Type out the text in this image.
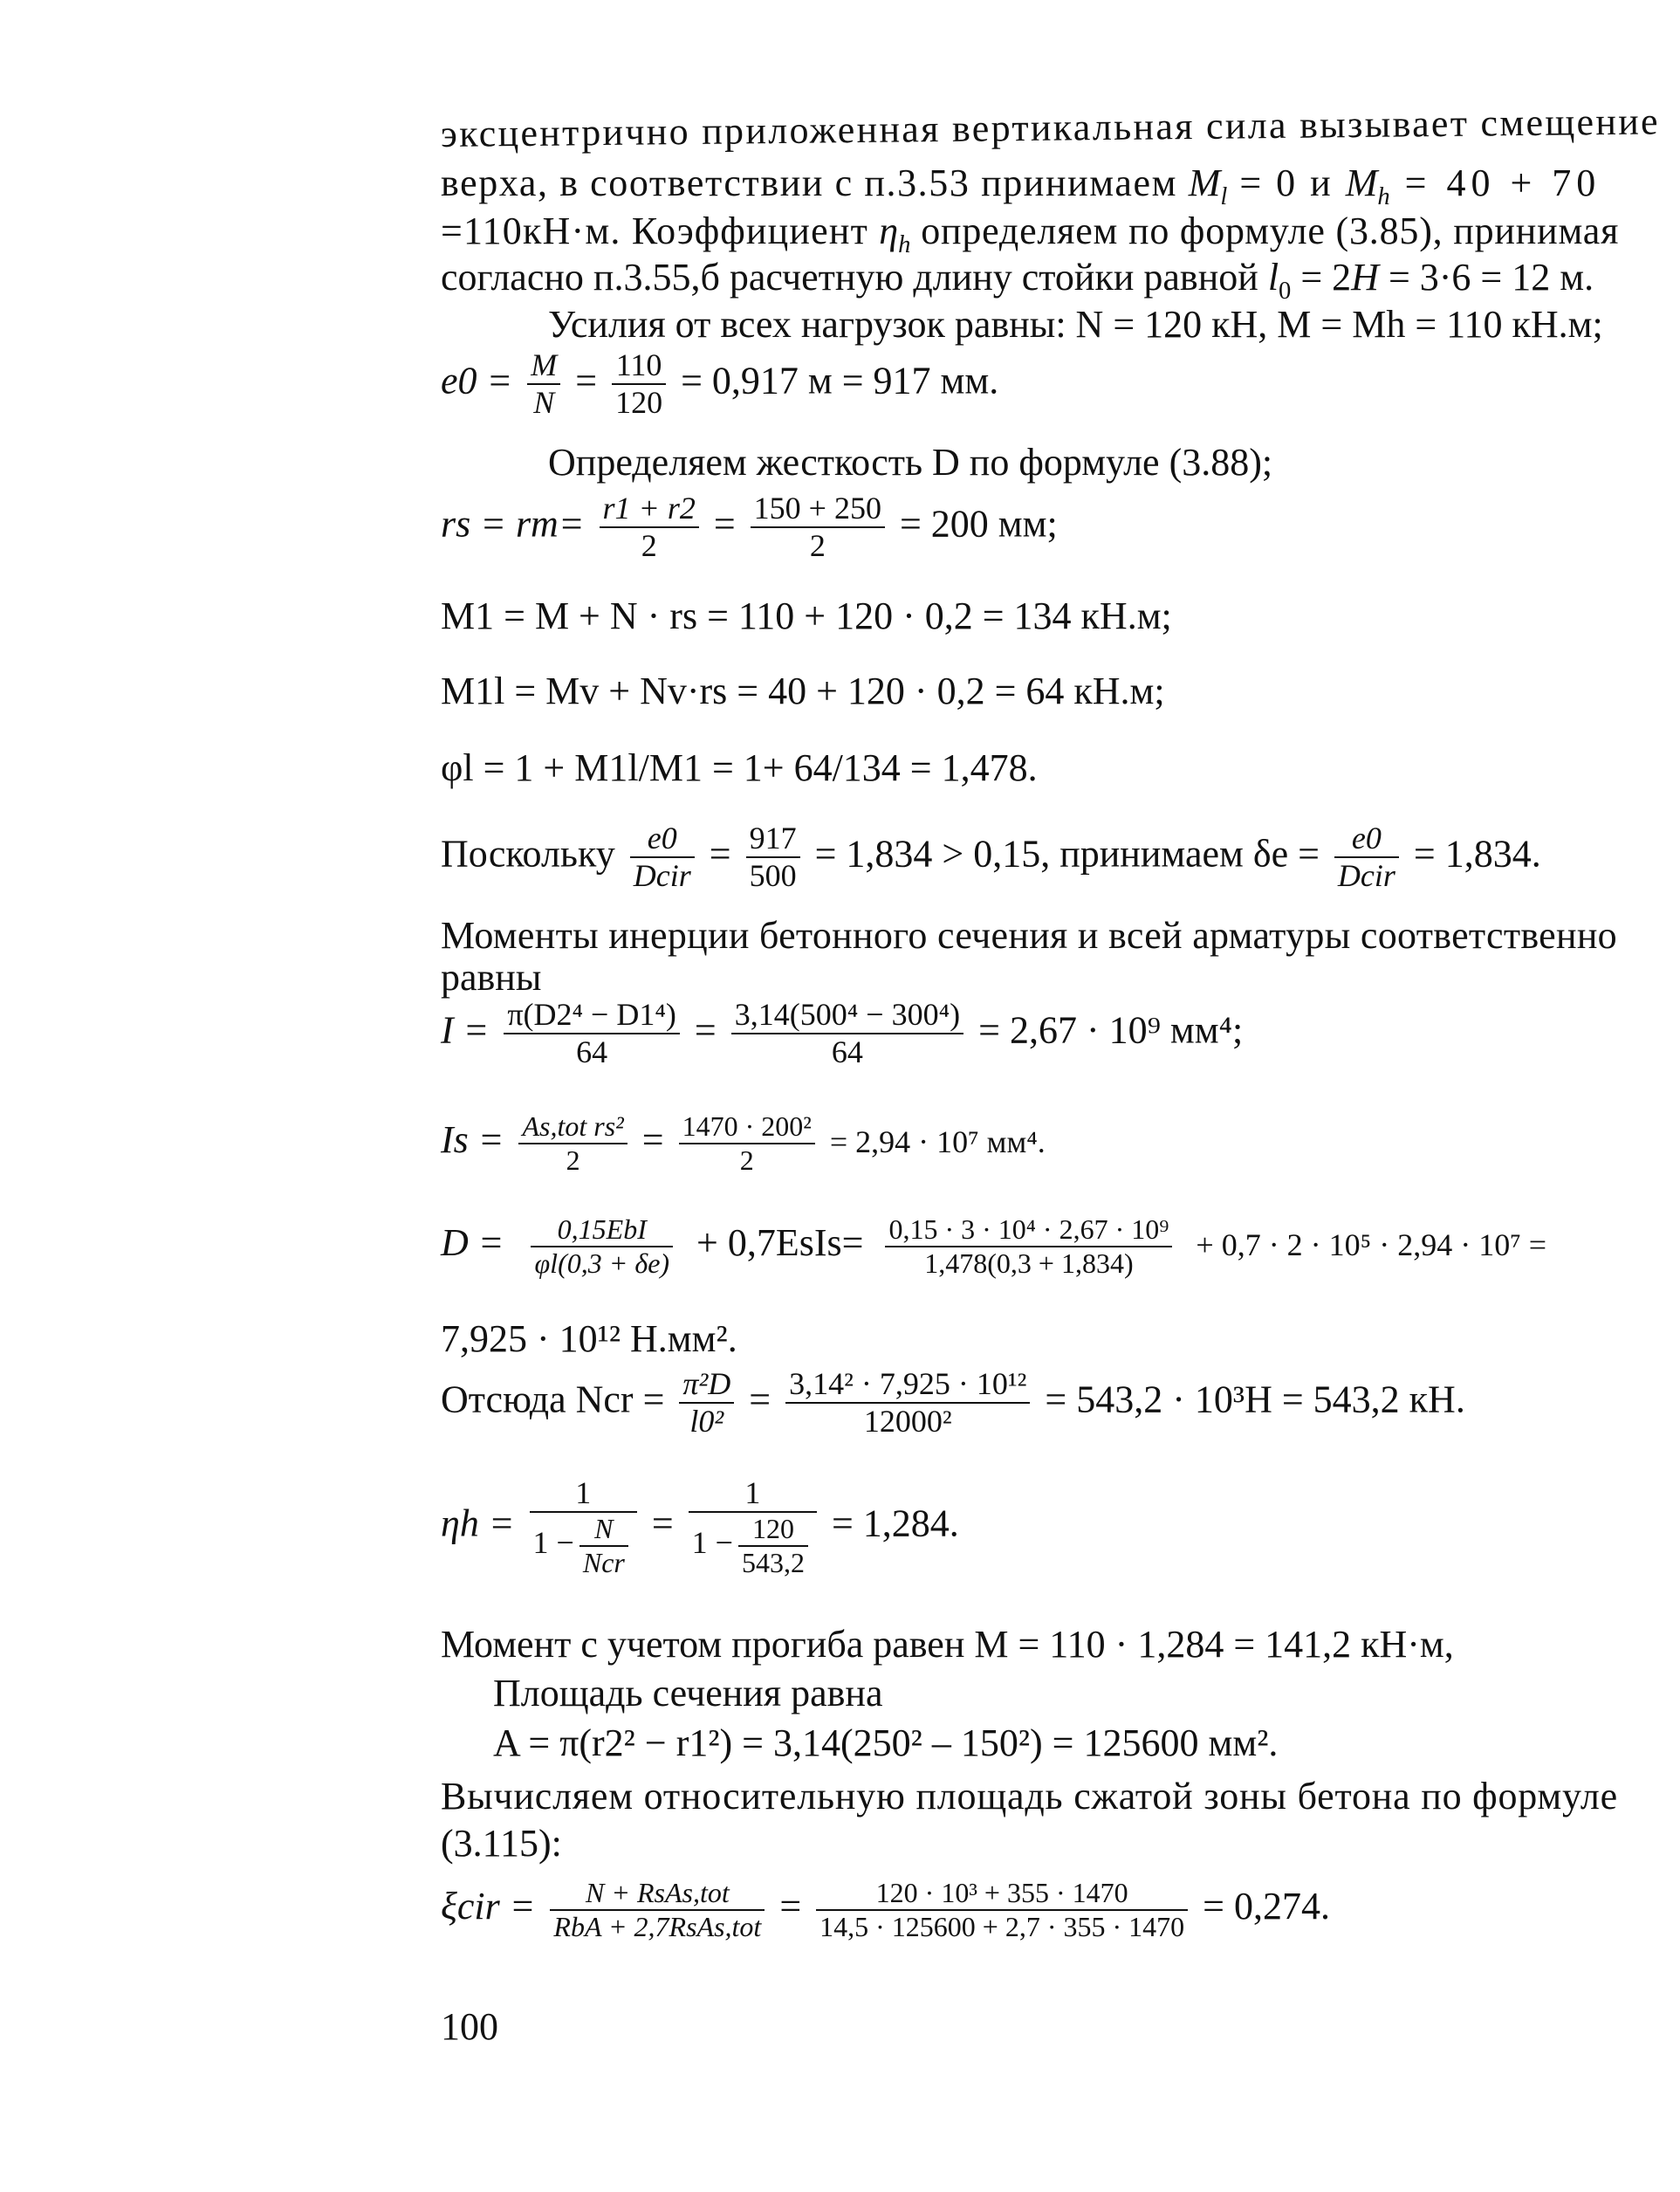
эксцентрично приложенная вертикальная сила вызывает смещение
верха, в соответствии с п.3.53 принимаем $M_l = 0$ и $M_h = 40 + 70$
=110кН·м. Коэффициент $\eta_h$ определяем по формуле (3.85), принимая
согласно п.3.55,б расчетную длину стойки равной $l_0 = 2H = 3\cdot 6 = 12$ м.
Усилия от всех нагрузок равны: N = 120 кН, M = Mh = 110 кН.м;
$e0 = \frac{M}{N} = \frac{110}{120} = 0,917$ м = 917 мм.
Определяем жесткость D по формуле (3.88);
rs = $rm= \frac{r1 + r2}{2} = \frac{150 + 250}{2} = 200$ мм;
M1 = M + N · rs = 110 + 120 · 0,2 = 134 кН.м;
M1l = Mv + Nv·rs = 40 + 120 · 0,2 = 64 кН.м;
φl = 1 + M1l/M1 = 1+ 64/134 = 1,478.
Поскольку $\frac{e0}{\text{Dcir}} = \frac{917}{500} = 1,834 > 0,15$, принимаем $\delta e = \frac{e0}{\text{Dcir}} = 1,834$.
Моменты инерции бетонного сечения и всей арматуры соответственно
равны
$I = \frac{\text{π(D2⁴ − D1⁴)}}{64} = \frac{\text{3,14(500⁴ − 300⁴)}}{64} = 2,67 \cdot 10^9$ мм⁴;
$Is = \frac{\text{As,tot rs²}}{2} = \frac{\text{1470 · 200²}}{2} = 2,94 \cdot 10^7$ мм⁴.
$D = \frac{\text{0,15EbI}}{\varphi l(0,3 + \delta e)}$ + 0,7EsIs= $\frac{\text{0,15 · 3 · 10⁴ · 2,67 · 10⁹}}{1,478(0,3 + 1,834)} + 0,7 \cdot 2 \cdot 10^5 \cdot 2,94 \cdot 10^7$ =
7,925 · 10¹² Н.мм².
Отсюда Ncr = $\frac{\text{π²D}}{\text{l0²}} = \frac{\text{3,14² · 7,925 · 10¹²}}{\text{12000²}} = 543,2 \cdot 10^3Н = 543,2$ кН.
$\eta h = \frac{1}{1 - \frac{N}{\text{Ncr}}} = \frac{1}{1 - \frac{120}{543,2}} = 1,284$.
Момент с учетом прогиба равен M = 110 · 1,284 = 141,2 кН·м,
Площадь сечения равна
A = π(r2² − r1²) = 3,14(250² – 150²) = 125600 мм².
Вычисляем относительную площадь сжатой зоны бетона по формуле
(3.115):
$\xi cir = \frac{\text{N + RsAs,tot}}{\text{RbA + 2,7RsAs,tot}} = \frac{\text{120 · 10³ + 355 · 1470}}{14,5 \cdot 125600 + 2,7 \cdot 355 \cdot 1470} = 0,274$.
100
